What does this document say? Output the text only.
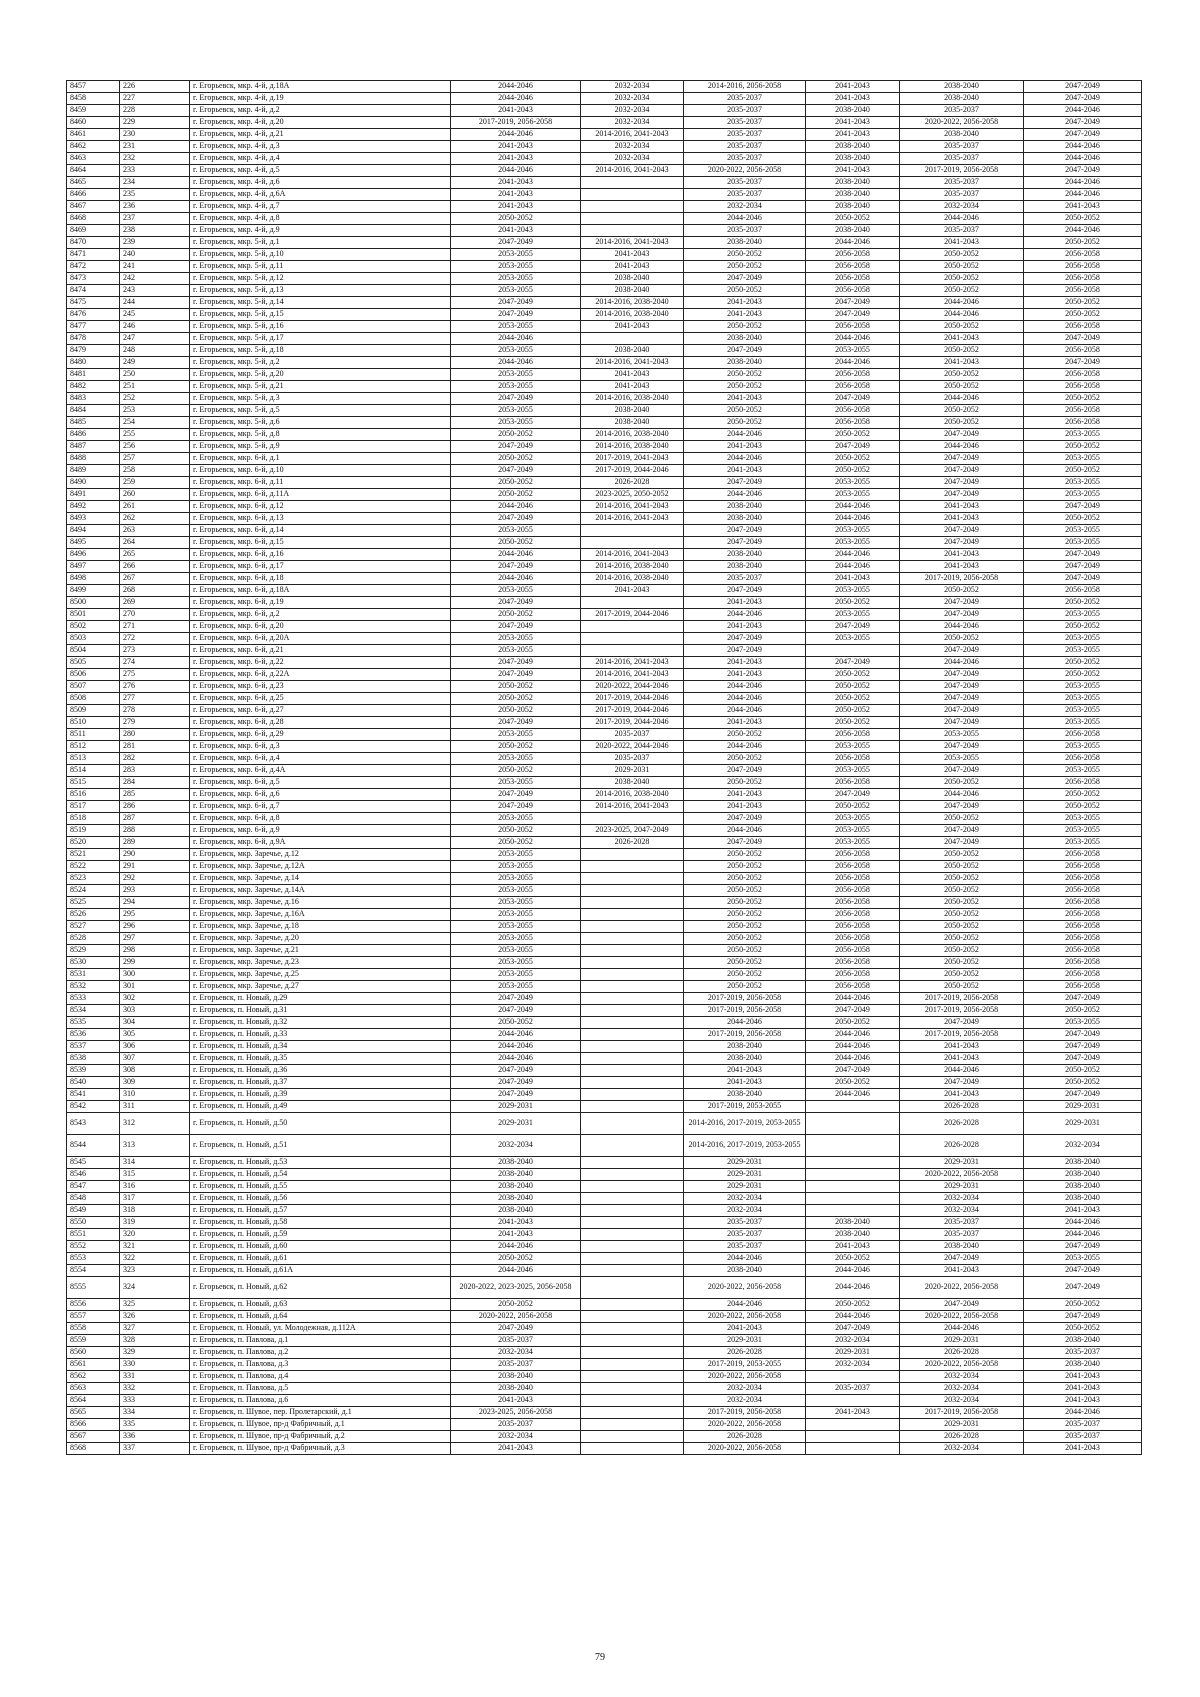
8457	226	г. Егорьевск, мкр. 4-й, д.18А	2044-2046	2032-2034	2014-2016, 2056-2058	2041-2043	2038-2040	2047-2049
8458	227	г. Егорьевск, мкр. 4-й, д.19	2044-2046	2032-2034	2035-2037	2041-2043	2038-2040	2047-2049
8459	228	г. Егорьевск, мкр. 4-й, д.2	2041-2043	2032-2034	2035-2037	2038-2040	2035-2037	2044-2046
8460	229	г. Егорьевск, мкр. 4-й, д.20	2017-2019, 2056-2058	2032-2034	2035-2037	2041-2043	2020-2022, 2056-2058	2047-2049
8461	230	г. Егорьевск, мкр. 4-й, д.21	2044-2046	2014-2016, 2041-2043	2035-2037	2041-2043	2038-2040	2047-2049
8462	231	г. Егорьевск, мкр. 4-й, д.3	2041-2043	2032-2034	2035-2037	2038-2040	2035-2037	2044-2046
8463	232	г. Егорьевск, мкр. 4-й, д.4	2041-2043	2032-2034	2035-2037	2038-2040	2035-2037	2044-2046
8464	233	г. Егорьевск, мкр. 4-й, д.5	2044-2046	2014-2016, 2041-2043	2020-2022, 2056-2058	2041-2043	2017-2019, 2056-2058	2047-2049
8465	234	г. Егорьевск, мкр. 4-й, д.6	2041-2043		2035-2037	2038-2040	2035-2037	2044-2046
8466	235	г. Егорьевск, мкр. 4-й, д.6А	2041-2043		2035-2037	2038-2040	2035-2037	2044-2046
8467	236	г. Егорьевск, мкр. 4-й, д.7	2041-2043		2032-2034	2038-2040	2032-2034	2041-2043
8468	237	г. Егорьевск, мкр. 4-й, д.8	2050-2052		2044-2046	2050-2052	2044-2046	2050-2052
8469	238	г. Егорьевск, мкр. 4-й, д.9	2041-2043		2035-2037	2038-2040	2035-2037	2044-2046
8470	239	г. Егорьевск, мкр. 5-й, д.1	2047-2049	2014-2016, 2041-2043	2038-2040	2044-2046	2041-2043	2050-2052
8471	240	г. Егорьевск, мкр. 5-й, д.10	2053-2055	2041-2043	2050-2052	2056-2058	2050-2052	2056-2058
8472	241	г. Егорьевск, мкр. 5-й, д.11	2053-2055	2041-2043	2050-2052	2056-2058	2050-2052	2056-2058
8473	242	г. Егорьевск, мкр. 5-й, д.12	2053-2055	2038-2040	2047-2049	2056-2058	2050-2052	2056-2058
8474	243	г. Егорьевск, мкр. 5-й, д.13	2053-2055	2038-2040	2050-2052	2056-2058	2050-2052	2056-2058
8475	244	г. Егорьевск, мкр. 5-й, д.14	2047-2049	2014-2016, 2038-2040	2041-2043	2047-2049	2044-2046	2050-2052
8476	245	г. Егорьевск, мкр. 5-й, д.15	2047-2049	2014-2016, 2038-2040	2041-2043	2047-2049	2044-2046	2050-2052
8477	246	г. Егорьевск, мкр. 5-й, д.16	2053-2055	2041-2043	2050-2052	2056-2058	2050-2052	2056-2058
8478	247	г. Егорьевск, мкр. 5-й, д.17	2044-2046		2038-2040	2044-2046	2041-2043	2047-2049
8479	248	г. Егорьевск, мкр. 5-й, д.18	2053-2055	2038-2040	2047-2049	2053-2055	2050-2052	2056-2058
8480	249	г. Егорьевск, мкр. 5-й, д.2	2044-2046	2014-2016, 2041-2043	2038-2040	2044-2046	2041-2043	2047-2049
8481	250	г. Егорьевск, мкр. 5-й, д.20	2053-2055	2041-2043	2050-2052	2056-2058	2050-2052	2056-2058
8482	251	г. Егорьевск, мкр. 5-й, д.21	2053-2055	2041-2043	2050-2052	2056-2058	2050-2052	2056-2058
8483	252	г. Егорьевск, мкр. 5-й, д.3	2047-2049	2014-2016, 2038-2040	2041-2043	2047-2049	2044-2046	2050-2052
8484	253	г. Егорьевск, мкр. 5-й, д.5	2053-2055	2038-2040	2050-2052	2056-2058	2050-2052	2056-2058
8485	254	г. Егорьевск, мкр. 5-й, д.6	2053-2055	2038-2040	2050-2052	2056-2058	2050-2052	2056-2058
8486	255	г. Егорьевск, мкр. 5-й, д.8	2050-2052	2014-2016, 2038-2040	2044-2046	2050-2052	2047-2049	2053-2055
8487	256	г. Егорьевск, мкр. 5-й, д.9	2047-2049	2014-2016, 2038-2040	2041-2043	2047-2049	2044-2046	2050-2052
8488	257	г. Егорьевск, мкр. 6-й, д.1	2050-2052	2017-2019, 2041-2043	2044-2046	2050-2052	2047-2049	2053-2055
8489	258	г. Егорьевск, мкр. 6-й, д.10	2047-2049	2017-2019, 2044-2046	2041-2043	2050-2052	2047-2049	2050-2052
8490	259	г. Егорьевск, мкр. 6-й, д.11	2050-2052	2026-2028	2047-2049	2053-2055	2047-2049	2053-2055
8491	260	г. Егорьевск, мкр. 6-й, д.11А	2050-2052	2023-2025, 2050-2052	2044-2046	2053-2055	2047-2049	2053-2055
8492	261	г. Егорьевск, мкр. 6-й, д.12	2044-2046	2014-2016, 2041-2043	2038-2040	2044-2046	2041-2043	2047-2049
8493	262	г. Егорьевск, мкр. 6-й, д.13	2047-2049	2014-2016, 2041-2043	2038-2040	2044-2046	2041-2043	2050-2052
8494	263	г. Егорьевск, мкр. 6-й, д.14	2053-2055		2047-2049	2053-2055	2047-2049	2053-2055
8495	264	г. Егорьевск, мкр. 6-й, д.15	2050-2052		2047-2049	2053-2055	2047-2049	2053-2055
8496	265	г. Егорьевск, мкр. 6-й, д.16	2044-2046	2014-2016, 2041-2043	2038-2040	2044-2046	2041-2043	2047-2049
8497	266	г. Егорьевск, мкр. 6-й, д.17	2047-2049	2014-2016, 2038-2040	2038-2040	2044-2046	2041-2043	2047-2049
8498	267	г. Егорьевск, мкр. 6-й, д.18	2044-2046	2014-2016, 2038-2040	2035-2037	2041-2043	2017-2019, 2056-2058	2047-2049
8499	268	г. Егорьевск, мкр. 6-й, д.18А	2053-2055	2041-2043	2047-2049	2053-2055	2050-2052	2056-2058
8500	269	г. Егорьевск, мкр. 6-й, д.19	2047-2049		2041-2043	2050-2052	2047-2049	2050-2052
8501	270	г. Егорьевск, мкр. 6-й, д.2	2050-2052	2017-2019, 2044-2046	2044-2046	2053-2055	2047-2049	2053-2055
8502	271	г. Егорьевск, мкр. 6-й, д.20	2047-2049		2041-2043	2047-2049	2044-2046	2050-2052
8503	272	г. Егорьевск, мкр. 6-й, д.20А	2053-2055		2047-2049	2053-2055	2050-2052	2053-2055
8504	273	г. Егорьевск, мкр. 6-й, д.21	2053-2055		2047-2049		2047-2049	2053-2055
8505	274	г. Егорьевск, мкр. 6-й, д.22	2047-2049	2014-2016, 2041-2043	2041-2043	2047-2049	2044-2046	2050-2052
8506	275	г. Егорьевск, мкр. 6-й, д.22А	2047-2049	2014-2016, 2041-2043	2041-2043	2050-2052	2047-2049	2050-2052
8507	276	г. Егорьевск, мкр. 6-й, д.23	2050-2052	2020-2022, 2044-2046	2044-2046	2050-2052	2047-2049	2053-2055
8508	277	г. Егорьевск, мкр. 6-й, д.25	2050-2052	2017-2019, 2044-2046	2044-2046	2050-2052	2047-2049	2053-2055
8509	278	г. Егорьевск, мкр. 6-й, д.27	2050-2052	2017-2019, 2044-2046	2044-2046	2050-2052	2047-2049	2053-2055
8510	279	г. Егорьевск, мкр. 6-й, д.28	2047-2049	2017-2019, 2044-2046	2041-2043	2050-2052	2047-2049	2053-2055
8511	280	г. Егорьевск, мкр. 6-й, д.29	2053-2055	2035-2037	2050-2052	2056-2058	2053-2055	2056-2058
8512	281	г. Егорьевск, мкр. 6-й, д.3	2050-2052	2020-2022, 2044-2046	2044-2046	2053-2055	2047-2049	2053-2055
8513	282	г. Егорьевск, мкр. 6-й, д.4	2053-2055	2035-2037	2050-2052	2056-2058	2053-2055	2056-2058
8514	283	г. Егорьевск, мкр. 6-й, д.4А	2050-2052	2029-2031	2047-2049	2053-2055	2047-2049	2053-2055
8515	284	г. Егорьевск, мкр. 6-й, д.5	2053-2055	2038-2040	2050-2052	2056-2058	2050-2052	2056-2058
8516	285	г. Егорьевск, мкр. 6-й, д.6	2047-2049	2014-2016, 2038-2040	2041-2043	2047-2049	2044-2046	2050-2052
8517	286	г. Егорьевск, мкр. 6-й, д.7	2047-2049	2014-2016, 2041-2043	2041-2043	2050-2052	2047-2049	2050-2052
8518	287	г. Егорьевск, мкр. 6-й, д.8	2053-2055		2047-2049	2053-2055	2050-2052	2053-2055
8519	288	г. Егорьевск, мкр. 6-й, д.9	2050-2052	2023-2025, 2047-2049	2044-2046	2053-2055	2047-2049	2053-2055
8520	289	г. Егорьевск, мкр. 6-й, д.9А	2050-2052	2026-2028	2047-2049	2053-2055	2047-2049	2053-2055
8521	290	г. Егорьевск, мкр. Заречье, д.12	2053-2055		2050-2052	2056-2058	2050-2052	2056-2058
8522	291	г. Егорьевск, мкр. Заречье, д.12А	2053-2055		2050-2052	2056-2058	2050-2052	2056-2058
8523	292	г. Егорьевск, мкр. Заречье, д.14	2053-2055		2050-2052	2056-2058	2050-2052	2056-2058
8524	293	г. Егорьевск, мкр. Заречье, д.14А	2053-2055		2050-2052	2056-2058	2050-2052	2056-2058
8525	294	г. Егорьевск, мкр. Заречье, д.16	2053-2055		2050-2052	2056-2058	2050-2052	2056-2058
8526	295	г. Егорьевск, мкр. Заречье, д.16А	2053-2055		2050-2052	2056-2058	2050-2052	2056-2058
8527	296	г. Егорьевск, мкр. Заречье, д.18	2053-2055		2050-2052	2056-2058	2050-2052	2056-2058
8528	297	г. Егорьевск, мкр. Заречье, д.20	2053-2055		2050-2052	2056-2058	2050-2052	2056-2058
8529	298	г. Егорьевск, мкр. Заречье, д.21	2053-2055		2050-2052	2056-2058	2050-2052	2056-2058
8530	299	г. Егорьевск, мкр. Заречье, д.23	2053-2055		2050-2052	2056-2058	2050-2052	2056-2058
8531	300	г. Егорьевск, мкр. Заречье, д.25	2053-2055		2050-2052	2056-2058	2050-2052	2056-2058
8532	301	г. Егорьевск, мкр. Заречье, д.27	2053-2055		2050-2052	2056-2058	2050-2052	2056-2058
8533	302	г. Егорьевск, п. Новый, д.29	2047-2049		2017-2019, 2056-2058	2044-2046	2017-2019, 2056-2058	2047-2049
8534	303	г. Егорьевск, п. Новый, д.31	2047-2049		2017-2019, 2056-2058	2047-2049	2017-2019, 2056-2058	2050-2052
8535	304	г. Егорьевск, п. Новый, д.32	2050-2052		2044-2046	2050-2052	2047-2049	2053-2055
8536	305	г. Егорьевск, п. Новый, д.33	2044-2046		2017-2019, 2056-2058	2044-2046	2017-2019, 2056-2058	2047-2049
8537	306	г. Егорьевск, п. Новый, д.34	2044-2046		2038-2040	2044-2046	2041-2043	2047-2049
8538	307	г. Егорьевск, п. Новый, д.35	2044-2046		2038-2040	2044-2046	2041-2043	2047-2049
8539	308	г. Егорьевск, п. Новый, д.36	2047-2049		2041-2043	2047-2049	2044-2046	2050-2052
8540	309	г. Егорьевск, п. Новый, д.37	2047-2049		2041-2043	2050-2052	2047-2049	2050-2052
8541	310	г. Егорьевск, п. Новый, д.39	2047-2049		2038-2040	2044-2046	2041-2043	2047-2049
8542	311	г. Егорьевск, п. Новый, д.49	2029-2031		2017-2019, 2053-2055		2026-2028	2029-2031
8543	312	г. Егорьевск, п. Новый, д.50	2029-2031		2014-2016, 2017-2019, 2053-2055		2026-2028	2029-2031
8544	313	г. Егорьевск, п. Новый, д.51	2032-2034		2014-2016, 2017-2019, 2053-2055		2026-2028	2032-2034
8545	314	г. Егорьевск, п. Новый, д.53	2038-2040		2029-2031		2029-2031	2038-2040
8546	315	г. Егорьевск, п. Новый, д.54	2038-2040		2029-2031		2020-2022, 2056-2058	2038-2040
8547	316	г. Егорьевск, п. Новый, д.55	2038-2040		2029-2031		2029-2031	2038-2040
8548	317	г. Егорьевск, п. Новый, д.56	2038-2040		2032-2034		2032-2034	2038-2040
8549	318	г. Егорьевск, п. Новый, д.57	2038-2040		2032-2034		2032-2034	2041-2043
8550	319	г. Егорьевск, п. Новый, д.58	2041-2043		2035-2037	2038-2040	2035-2037	2044-2046
8551	320	г. Егорьевск, п. Новый, д.59	2041-2043		2035-2037	2038-2040	2035-2037	2044-2046
8552	321	г. Егорьевск, п. Новый, д.60	2044-2046		2035-2037	2041-2043	2038-2040	2047-2049
8553	322	г. Егорьевск, п. Новый, д.61	2050-2052		2044-2046	2050-2052	2047-2049	2053-2055
8554	323	г. Егорьевск, п. Новый, д.61А	2044-2046		2038-2040	2044-2046	2041-2043	2047-2049
8555	324	г. Егорьевск, п. Новый, д.62	2020-2022, 2023-2025, 2056-2058		2020-2022, 2056-2058	2044-2046	2020-2022, 2056-2058	2047-2049
8556	325	г. Егорьевск, п. Новый, д.63	2050-2052		2044-2046	2050-2052	2047-2049	2050-2052
8557	326	г. Егорьевск, п. Новый, д.64	2020-2022, 2056-2058		2020-2022, 2056-2058	2044-2046	2020-2022, 2056-2058	2047-2049
8558	327	г. Егорьевск, п. Новый, ул. Молодежная, д.112А	2047-2049		2041-2043	2047-2049	2044-2046	2050-2052
8559	328	г. Егорьевск, п. Павлова, д.1	2035-2037		2029-2031	2032-2034	2029-2031	2038-2040
8560	329	г. Егорьевск, п. Павлова, д.2	2032-2034		2026-2028	2029-2031	2026-2028	2035-2037
8561	330	г. Егорьевск, п. Павлова, д.3	2035-2037		2017-2019, 2053-2055	2032-2034	2020-2022, 2056-2058	2038-2040
8562	331	г. Егорьевск, п. Павлова, д.4	2038-2040		2020-2022, 2056-2058		2032-2034	2041-2043
8563	332	г. Егорьевск, п. Павлова, д.5	2038-2040		2032-2034	2035-2037	2032-2034	2041-2043
8564	333	г. Егорьевск, п. Павлова, д.6	2041-2043		2032-2034		2032-2034	2041-2043
8565	334	г. Егорьевск, п. Шувое, пер. Пролетарский, д.1	2023-2025, 2056-2058		2017-2019, 2056-2058	2041-2043	2017-2019, 2056-2058	2044-2046
8566	335	г. Егорьевск, п. Шувое, пр-д Фабричный, д.1	2035-2037		2020-2022, 2056-2058		2029-2031	2035-2037
8567	336	г. Егорьевск, п. Шувое, пр-д Фабричный, д.2	2032-2034		2026-2028		2026-2028	2035-2037
8568	337	г. Егорьевск, п. Шувое, пр-д Фабричный, д.3	2041-2043		2020-2022, 2056-2058		2032-2034	2041-2043
79
